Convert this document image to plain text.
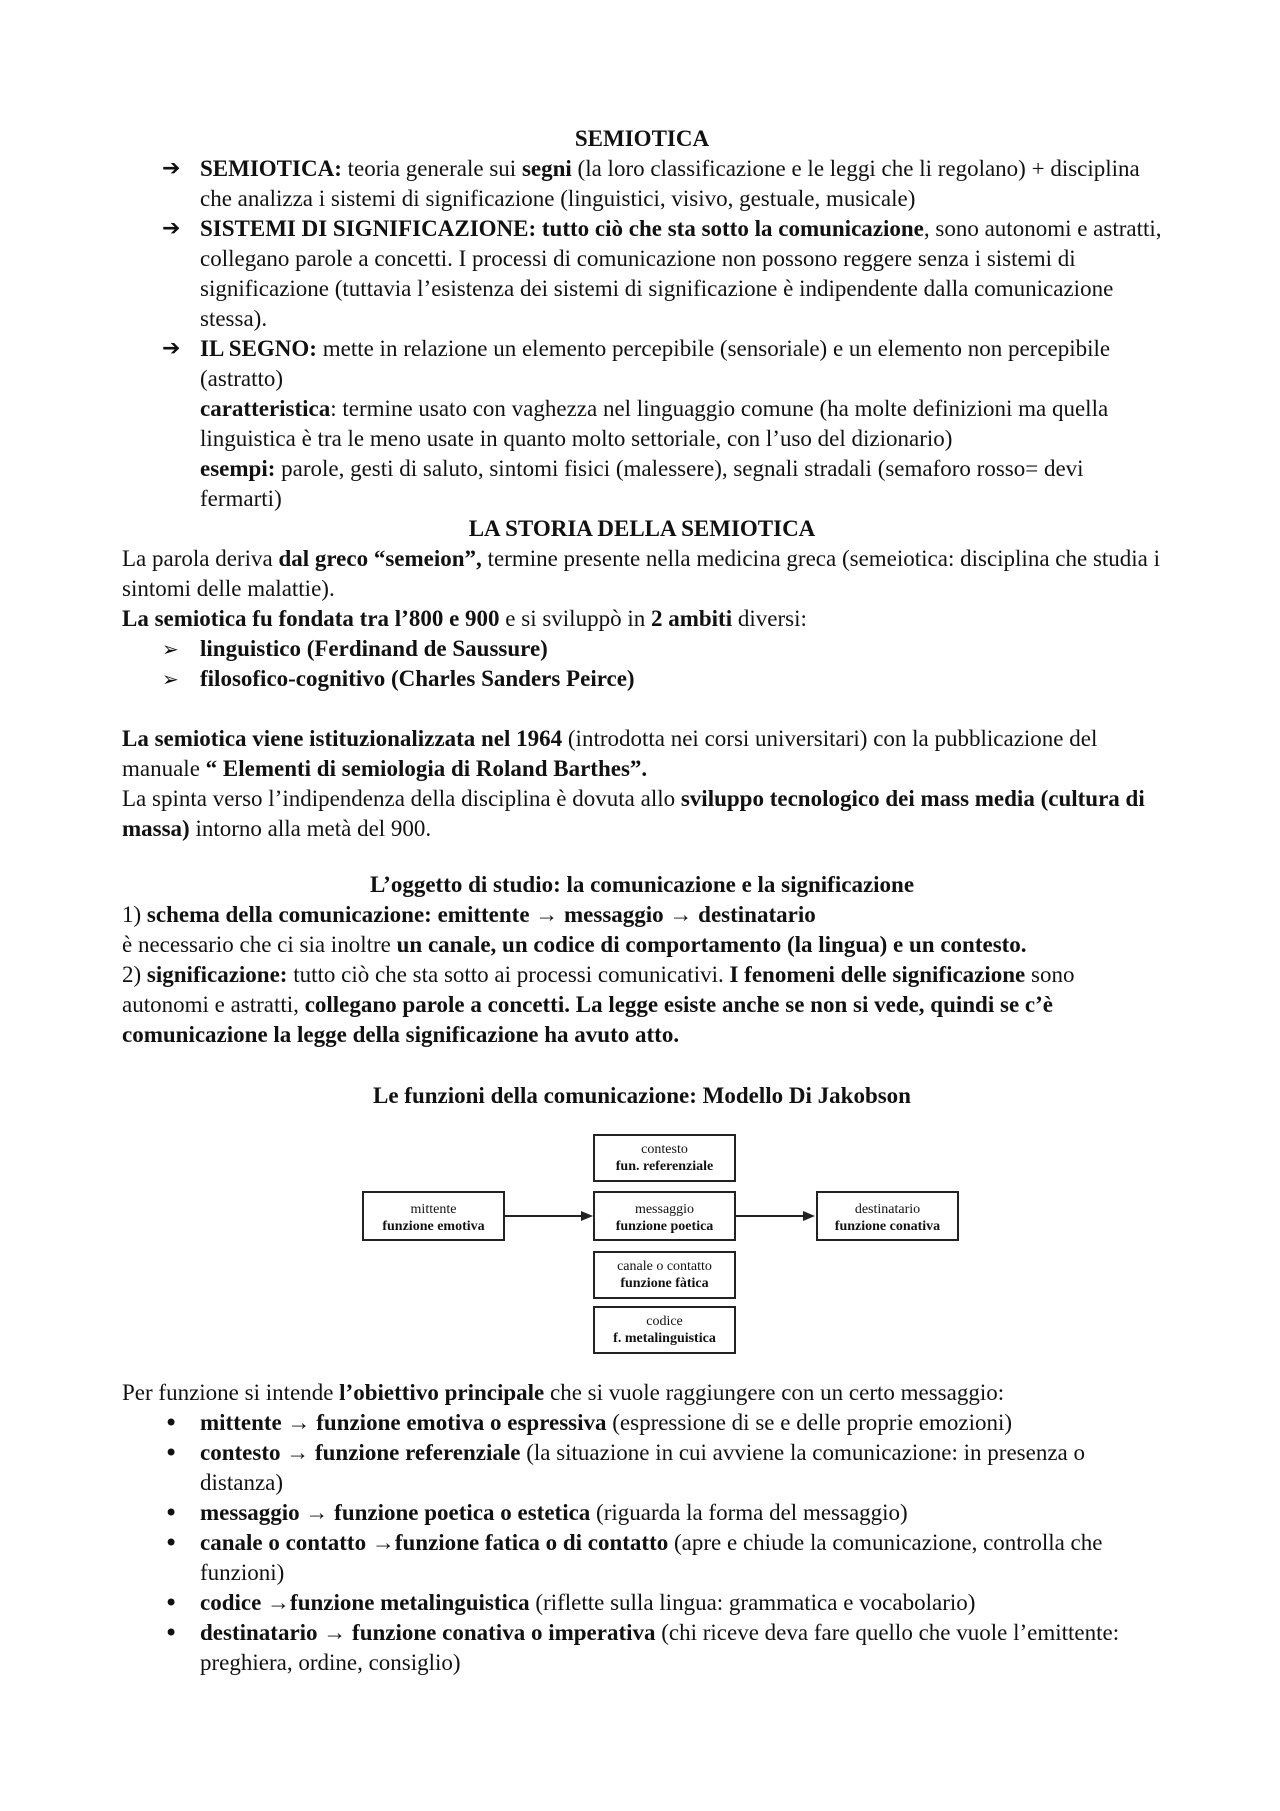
SEMIOTICA
➔ SEMIOTICA: teoria generale sui segni (la loro classificazione e le leggi che li regolano) + disciplina che analizza i sistemi di significazione (linguistici, visivo, gestuale, musicale)
➔ SISTEMI DI SIGNIFICAZIONE: tutto ciò che sta sotto la comunicazione, sono autonomi e astratti, collegano parole a concetti. I processi di comunicazione non possono reggere senza i sistemi di significazione (tuttavia l’esistenza dei sistemi di significazione è indipendente dalla comunicazione stessa).
➔ IL SEGNO: mette in relazione un elemento percepibile (sensoriale) e un elemento non percepibile (astratto)
caratteristica: termine usato con vaghezza nel linguaggio comune (ha molte definizioni ma quella linguistica è tra le meno usate in quanto molto settoriale, con l’uso del dizionario)
esempi: parole, gesti di saluto, sintomi fisici (malessere), segnali stradali (semaforo rosso= devi fermarti)

LA STORIA DELLA SEMIOTICA

La parola deriva dal greco “semeion”, termine presente nella medicina greca (semeiotica: disciplina che studia i sintomi delle malattie).

La semiotica fu fondata tra l’800 e 900 e si sviluppò in 2 ambiti diversi:

➢ linguistico (Ferdinand de Saussure)
➢ filosofico-cognitivo (Charles Sanders Peirce)

La semiotica viene istituzionalizzata nel 1964 (introdotta nei corsi universitari) con la pubblicazione del manuale “ Elementi di semiologia di Roland Barthes”.

La spinta verso l’indipendenza della disciplina è dovuta allo sviluppo tecnologico dei mass media (cultura di massa) intorno alla metà del 900.

L’oggetto di studio: la comunicazione e la significazione

1) schema della comunicazione: emittente → messaggio → destinatario

è necessario che ci sia inoltre un canale, un codice di comportamento (la lingua) e un contesto.

2) significazione: tutto ciò che sta sotto ai processi comunicativi. I fenomeni delle significazione sono autonomi e astratti, collegano parole a concetti. La legge esiste anche se non si vede, quindi se c’è comunicazione la legge della significazione ha avuto atto.

Le funzioni della comunicazione: Modello Di Jakobson
contesto
fun. referenziale
mittente
funzione emotiva
messaggio
funzione poetica
destinatario
funzione conativa
canale o contatto
funzione fàtica
codice
f. metalinguistica

Per funzione si intende l’obiettivo principale che si vuole raggiungere con un certo messaggio:

• mittente → funzione emotiva o espressiva (espressione di se e delle proprie emozioni)
• contesto → funzione referenziale (la situazione in cui avviene la comunicazione: in presenza o distanza)
• messaggio → funzione poetica o estetica (riguarda la forma del messaggio)
• canale o contatto →funzione fatica o di contatto (apre e chiude la comunicazione, controlla che funzioni)
• codice →funzione metalinguistica (riflette sulla lingua: grammatica e vocabolario)
• destinatario → funzione conativa o imperativa (chi riceve deva fare quello che vuole l’emittente: preghiera, ordine, consiglio)
